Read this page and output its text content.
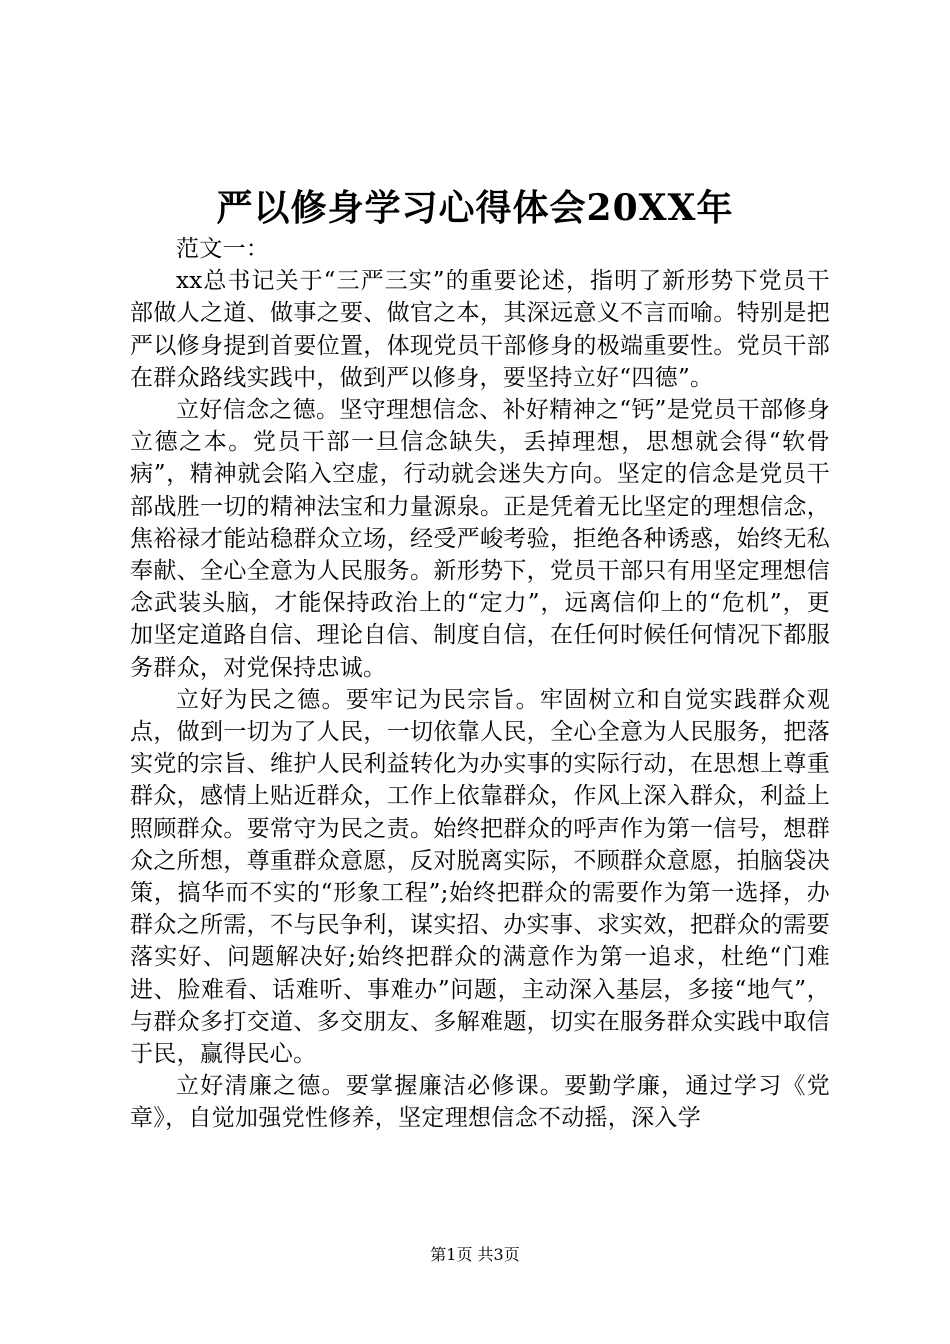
严以修身学习心得体会20XX年

范文一：

xx总书记关于“三严三实”的重要论述，指明了新形势下党员干部做人之道、做事之要、做官之本，其深远意义不言而喻。特别是把严以修身提到首要位置，体现党员干部修身的极端重要性。党员干部在群众路线实践中，做到严以修身，要坚持立好“四德”。

立好信念之德。坚守理想信念、补好精神之“钙”是党员干部修身立德之本。党员干部一旦信念缺失，丢掉理想，思想就会得“软骨病”，精神就会陷入空虚，行动就会迷失方向。坚定的信念是党员干部战胜一切的精神法宝和力量源泉。正是凭着无比坚定的理想信念，焦裕禄才能站稳群众立场，经受严峻考验，拒绝各种诱惑，始终无私奉献、全心全意为人民服务。新形势下，党员干部只有用坚定理想信念武装头脑，才能保持政治上的“定力”，远离信仰上的“危机”，更加坚定道路自信、理论自信、制度自信，在任何时候任何情况下都服务群众，对党保持忠诚。

立好为民之德。要牢记为民宗旨。牢固树立和自觉实践群众观点，做到一切为了人民，一切依靠人民，全心全意为人民服务，把落实党的宗旨、维护人民利益转化为办实事的实际行动，在思想上尊重群众，感情上贴近群众，工作上依靠群众，作风上深入群众，利益上照顾群众。要常守为民之责。始终把群众的呼声作为第一信号，想群众之所想，尊重群众意愿，反对脱离实际，不顾群众意愿，拍脑袋决策，搞华而不实的“形象工程”;始终把群众的需要作为第一选择，办群众之所需，不与民争利，谋实招、办实事、求实效，把群众的需要落实好、问题解决好;始终把群众的满意作为第一追求，杜绝“门难进、脸难看、话难听、事难办”问题，主动深入基层，多接“地气”，与群众多打交道、多交朋友、多解难题，切实在服务群众实践中取信于民，赢得民心。

立好清廉之德。要掌握廉洁必修课。要勤学廉，通过学习《党章》，自觉加强党性修养，坚定理想信念不动摇，深入学

第1页 共3页
